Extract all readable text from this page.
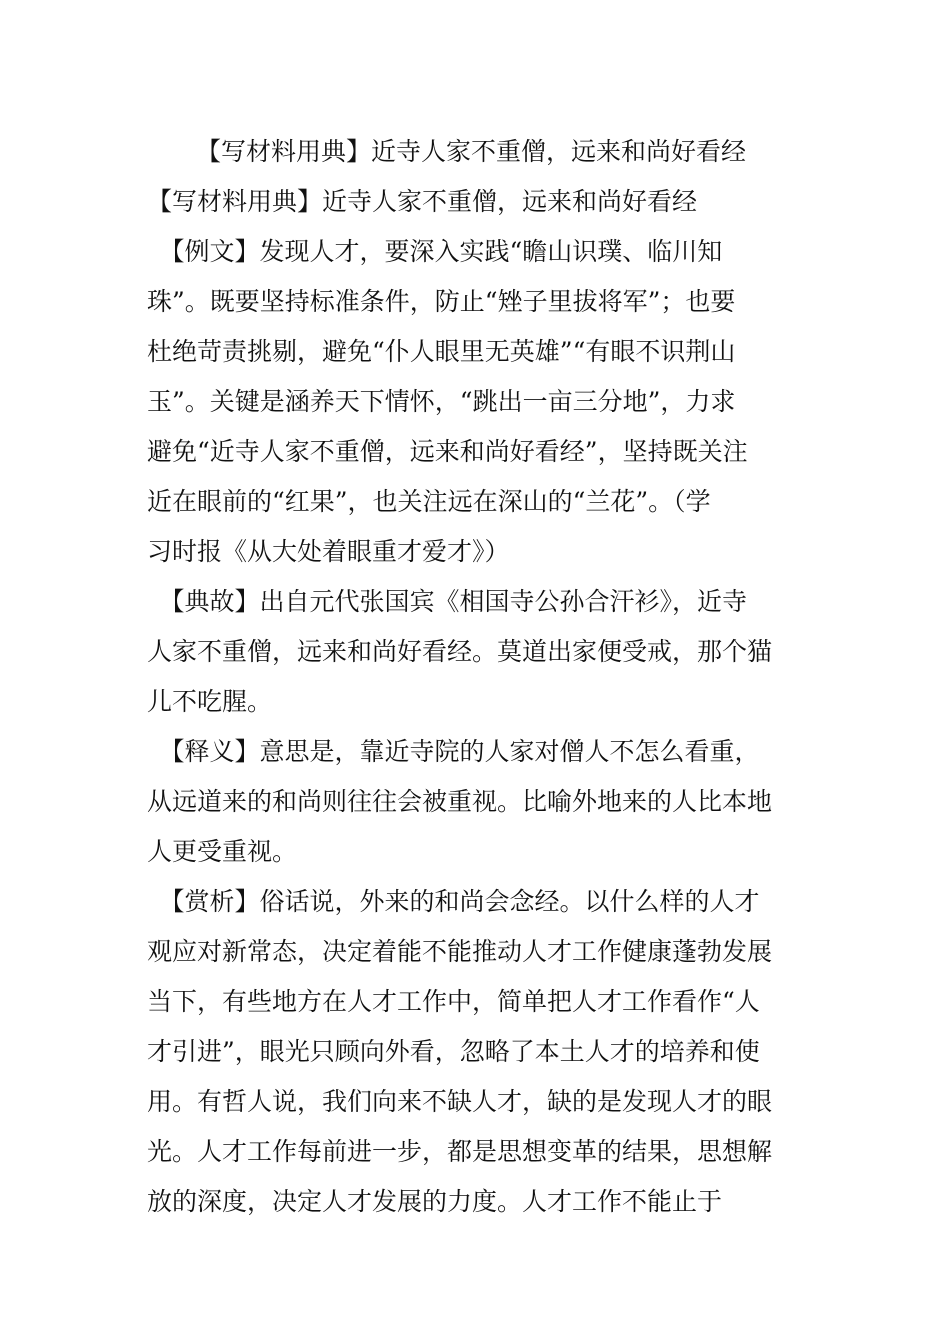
【写材料用典】近寺人家不重僧，远来和尚好看经
【写材料用典】近寺人家不重僧，远来和尚好看经
　【例文】发现人才，要深入实践“瞻山识璞、临川知
珠”。既要坚持标准条件，防止“矬子里拔将军”；也要
杜绝苛责挑剔，避免“仆人眼里无英雄”“有眼不识荆山
玉”。关键是涵养天下情怀，“跳出一亩三分地”，力求
避免“近寺人家不重僧，远来和尚好看经”，坚持既关注
近在眼前的“红果”，也关注远在深山的“兰花”。（学
习时报《从大处着眼重才爱才》）
　【典故】出自元代张国宾《相国寺公孙合汗衫》，近寺
人家不重僧，远来和尚好看经。莫道出家便受戒，那个猫
儿不吃腥。
　【释义】意思是，靠近寺院的人家对僧人不怎么看重，
从远道来的和尚则往往会被重视。比喻外地来的人比本地
人更受重视。
　【赏析】俗话说，外来的和尚会念经。以什么样的人才
观应对新常态，决定着能不能推动人才工作健康蓬勃发展
当下，有些地方在人才工作中，简单把人才工作看作“人
才引进”，眼光只顾向外看，忽略了本土人才的培养和使
用。有哲人说，我们向来不缺人才，缺的是发现人才的眼
光。人才工作每前进一步，都是思想变革的结果，思想解
放的深度，决定人才发展的力度。人才工作不能止于
